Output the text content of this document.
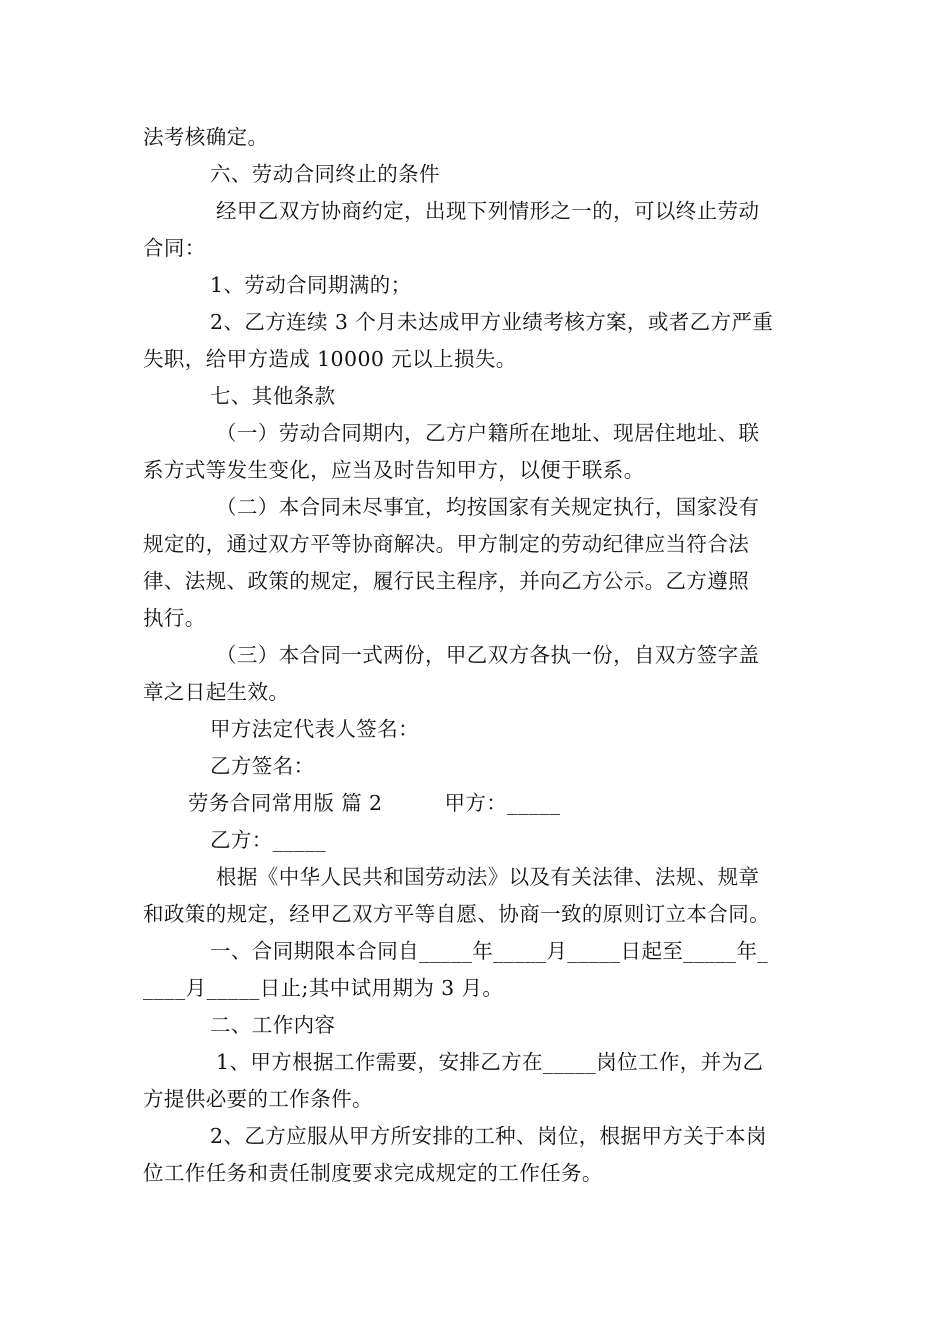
法考核确定。
六、劳动合同终止的条件
经甲乙双方协商约定，出现下列情形之一的，可以终止劳动
合同：
1、劳动合同期满的；
2、乙方连续 3 个月未达成甲方业绩考核方案，或者乙方严重
失职，给甲方造成 10000 元以上损失。
七、其他条款
（一）劳动合同期内，乙方户籍所在地址、现居住地址、联
系方式等发生变化，应当及时告知甲方，以便于联系。
（二）本合同未尽事宜，均按国家有关规定执行，国家没有
规定的，通过双方平等协商解决。甲方制定的劳动纪律应当符合法
律、法规、政策的规定，履行民主程序，并向乙方公示。乙方遵照
执行。
（三）本合同一式两份，甲乙双方各执一份，自双方签字盖
章之日起生效。
甲方法定代表人签名：
乙方签名：
劳务合同常用版 篇 2	甲方：_____
乙方：_____
根据《中华人民共和国劳动法》以及有关法律、法规、规章
和政策的规定，经甲乙双方平等自愿、协商一致的原则订立本合同。
一、合同期限本合同自_____年_____月_____日起至_____年_
____月_____日止;其中试用期为 3 月。
二、工作内容
1、甲方根据工作需要，安排乙方在_____岗位工作，并为乙
方提供必要的工作条件。
2、乙方应服从甲方所安排的工种、岗位，根据甲方关于本岗
位工作任务和责任制度要求完成规定的工作任务。
